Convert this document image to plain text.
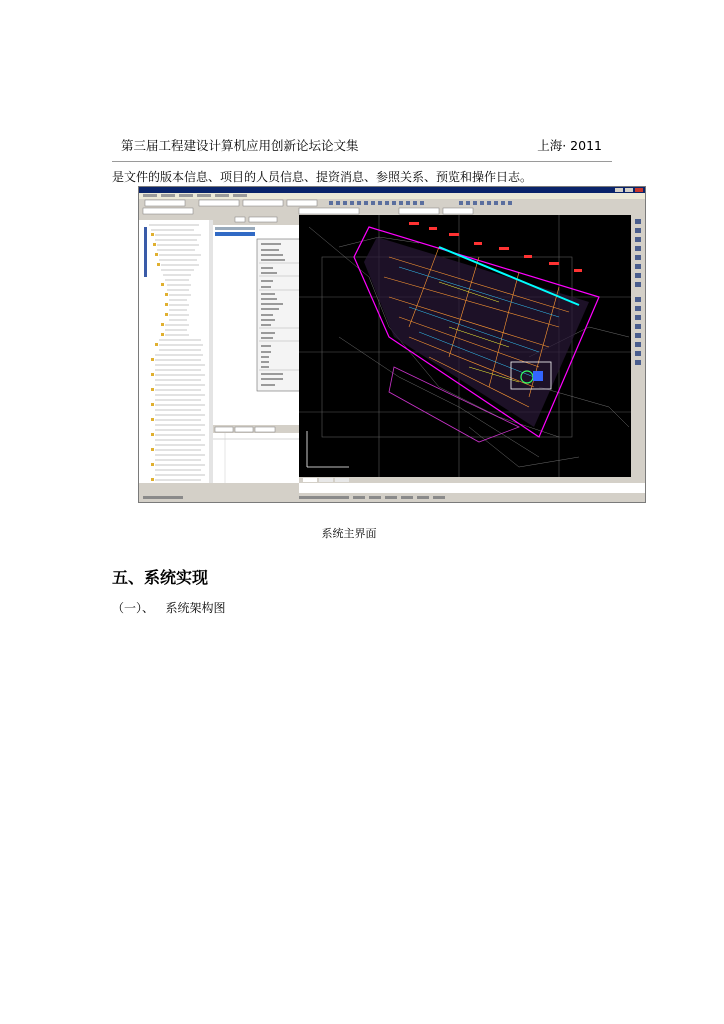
第三届工程建设计算机应用创新论坛论文集	上海· 2011
是文件的版本信息、项目的人员信息、提资消息、参照关系、预览和操作日志。
系统主界面
五、系统实现
（一）、   系统架构图
